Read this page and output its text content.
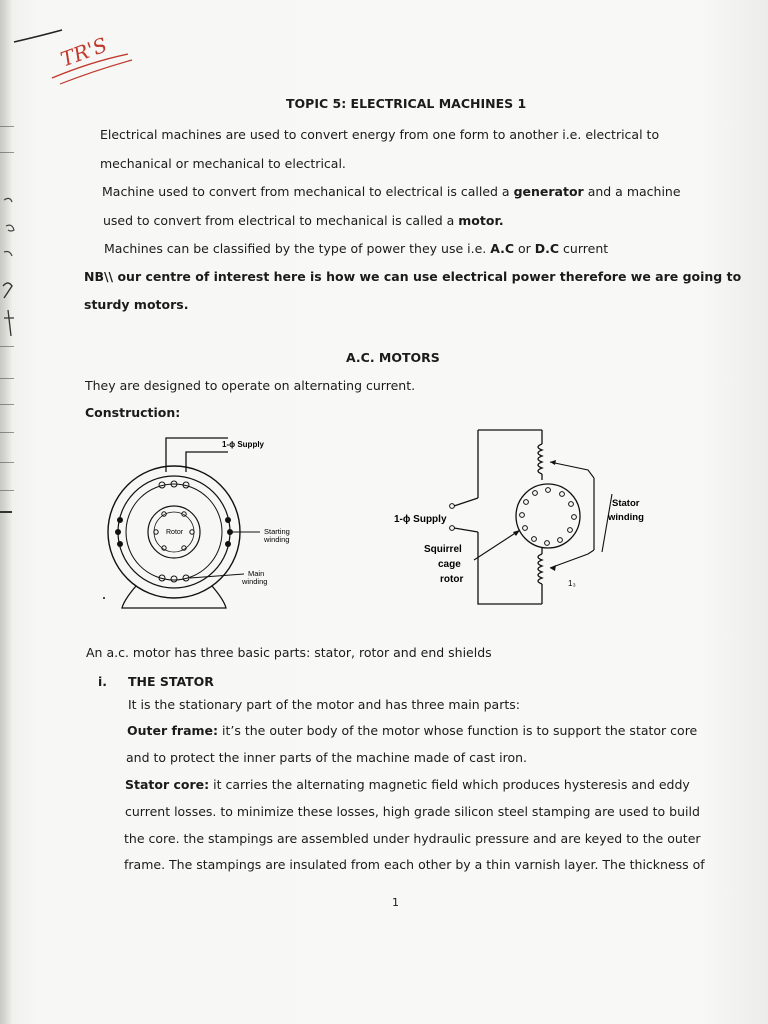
TR'S
TOPIC 5: ELECTRICAL MACHINES 1
Electrical machines are used to convert energy from one form to another i.e. electrical to
mechanical or mechanical to electrical.
Machine used to convert from mechanical to electrical is called a generator and a machine
used to convert from electrical to mechanical is called a motor.
Machines can be classified by the type of power they use i.e. A.C or D.C current
NB\\ our centre of interest here is how we can use electrical power therefore we are going to
sturdy motors.
A.C. MOTORS
They are designed to operate on alternating current.
Construction:
1-ɸ Supply
Rotor	Starting
winding
Main
winding
1-ɸ Supply
Stator
winding
Squirrel
cage
rotor	1₃
An a.c. motor has three basic parts: stator, rotor and end shields
i. THE STATOR
It is the stationary part of the motor and has three main parts:
Outer frame: it’s the outer body of the motor whose function is to support the stator core
and to protect the inner parts of the machine made of cast iron.
Stator core: it carries the alternating magnetic field which produces hysteresis and eddy
current losses. to minimize these losses, high grade silicon steel stamping are used to build
the core. the stampings are assembled under hydraulic pressure and are keyed to the outer
frame. The stampings are insulated from each other by a thin varnish layer. The thickness of
1
